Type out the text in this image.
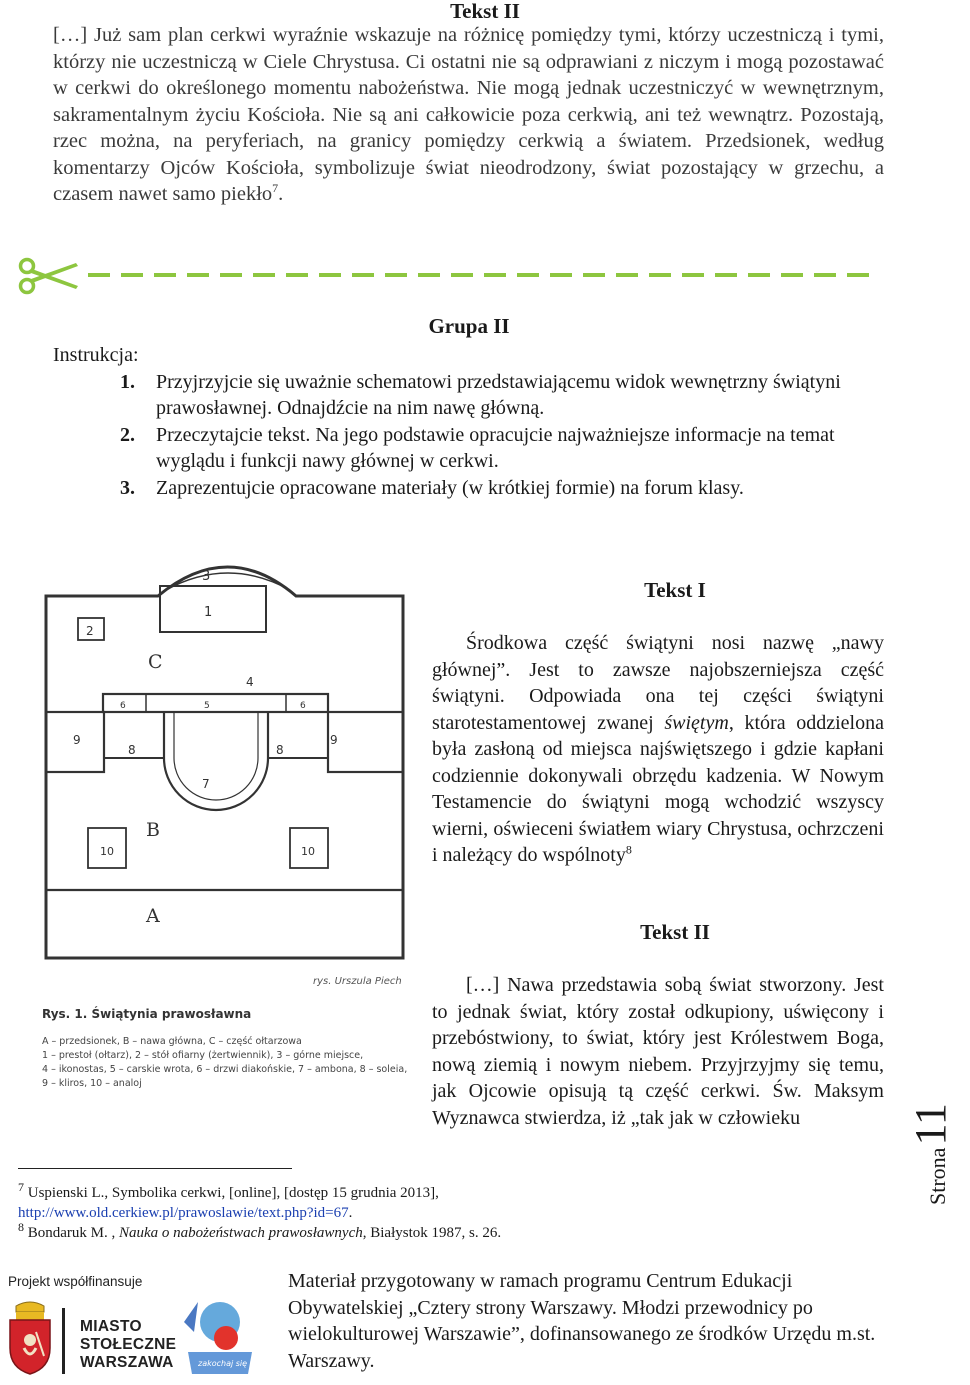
Tekst II
[…] Już sam plan cerkwi wyraźnie wskazuje na różnicę pomiędzy tymi, którzy uczestniczą i tymi, którzy nie uczestniczą w Ciele Chrystusa. Ci ostatni nie są odprawiani z niczym i mogą pozostawać w cerkwi do określonego momentu nabożeństwa. Nie mogą jednak uczestniczyć w wewnętrznym, sakramentalnym życiu Kościoła. Nie są ani całkowicie poza cerkwią, ani też wewnątrz. Pozostają, rzec można, na peryferiach, na granicy pomiędzy cerkwią a światem. Przedsionek, według komentarzy Ojców Kościoła, symbolizuje świat nieodrodzony, świat pozostający w grzechu, a czasem nawet samo piekło$^7$.
Grupa II
Instrukcja:
1. Przyjrzyjcie się uważnie schematowi przedstawiającemu widok wewnętrzny świątyni prawosławnej. Odnajdźcie na nim nawę główną.
2. Przeczytajcie tekst. Na jego podstawie opracujcie najważniejsze informacje na temat wyglądu i funkcji nawy głównej w cerkwi.
3. Zaprezentujcie opracowane materiały (w krótkiej formie) na forum klasy.
3
1
2
C
4
6	5	6
9	9
8	8
7
B
10	10
A
rys. Urszula Piech
Rys. 1. Świątynia prawosławna
A – przedsionek, B – nawa główna, C – część ołtarzowa
1 – prestoł (ołtarz), 2 – stół ofiarny (żertwiennik), 3 – górne miejsce,
4 – ikonostas, 5 – carskie wrota, 6 – drzwi diakońskie, 7 – ambona, 8 – soleia,
9 – kliros, 10 – analoj
Tekst I
Środkowa część świątyni nosi nazwę „nawy głównej”. Jest to zawsze najobszerniejsza część świątyni. Odpowiada ona tej części świątyni starotestamentowej zwanej świętym, która oddzielona była zasłoną od miejsca najświętszego i gdzie kapłani codziennie dokonywali obrzędu kadzenia. W Nowym Testamencie do świątyni mogą wchodzić wszyscy wierni, oświeceni światłem wiary Chrystusa, ochrzczeni i należący do wspólnoty$^8$
Tekst II
[…] Nawa przedstawia sobą świat stworzony. Jest to jednak świat, który został odkupiony, uświęcony i przebóstwiony, to świat, który jest Królestwem Boga, nową ziemią i nowym niebem. Przyjrzyjmy się temu, jak Ojcowie opisują tą część cerkwi. Św. Maksym Wyznawca stwierdza, iż „tak jak w człowieku
$^7$ Uspienski L., Symbolika cerkwi, [online], [dostęp 15 grudnia 2013],
http://www.old.cerkiew.pl/prawoslawie/text.php?id=67.
$^8$ Bondaruk M. , Nauka o nabożeństwach prawosławnych, Białystok 1987, s. 26.
Strona11
Projekt współfinansuje
MIASTO
STOŁECZNE
WARSZAWA	zakochaj się w Warszawie
Materiał przygotowany w ramach programu Centrum Edukacji Obywatelskiej „Cztery strony Warszawy. Młodzi przewodnicy po wielokulturowej Warszawie”, dofinansowanego ze środków Urzędu m.st. Warszawy.
